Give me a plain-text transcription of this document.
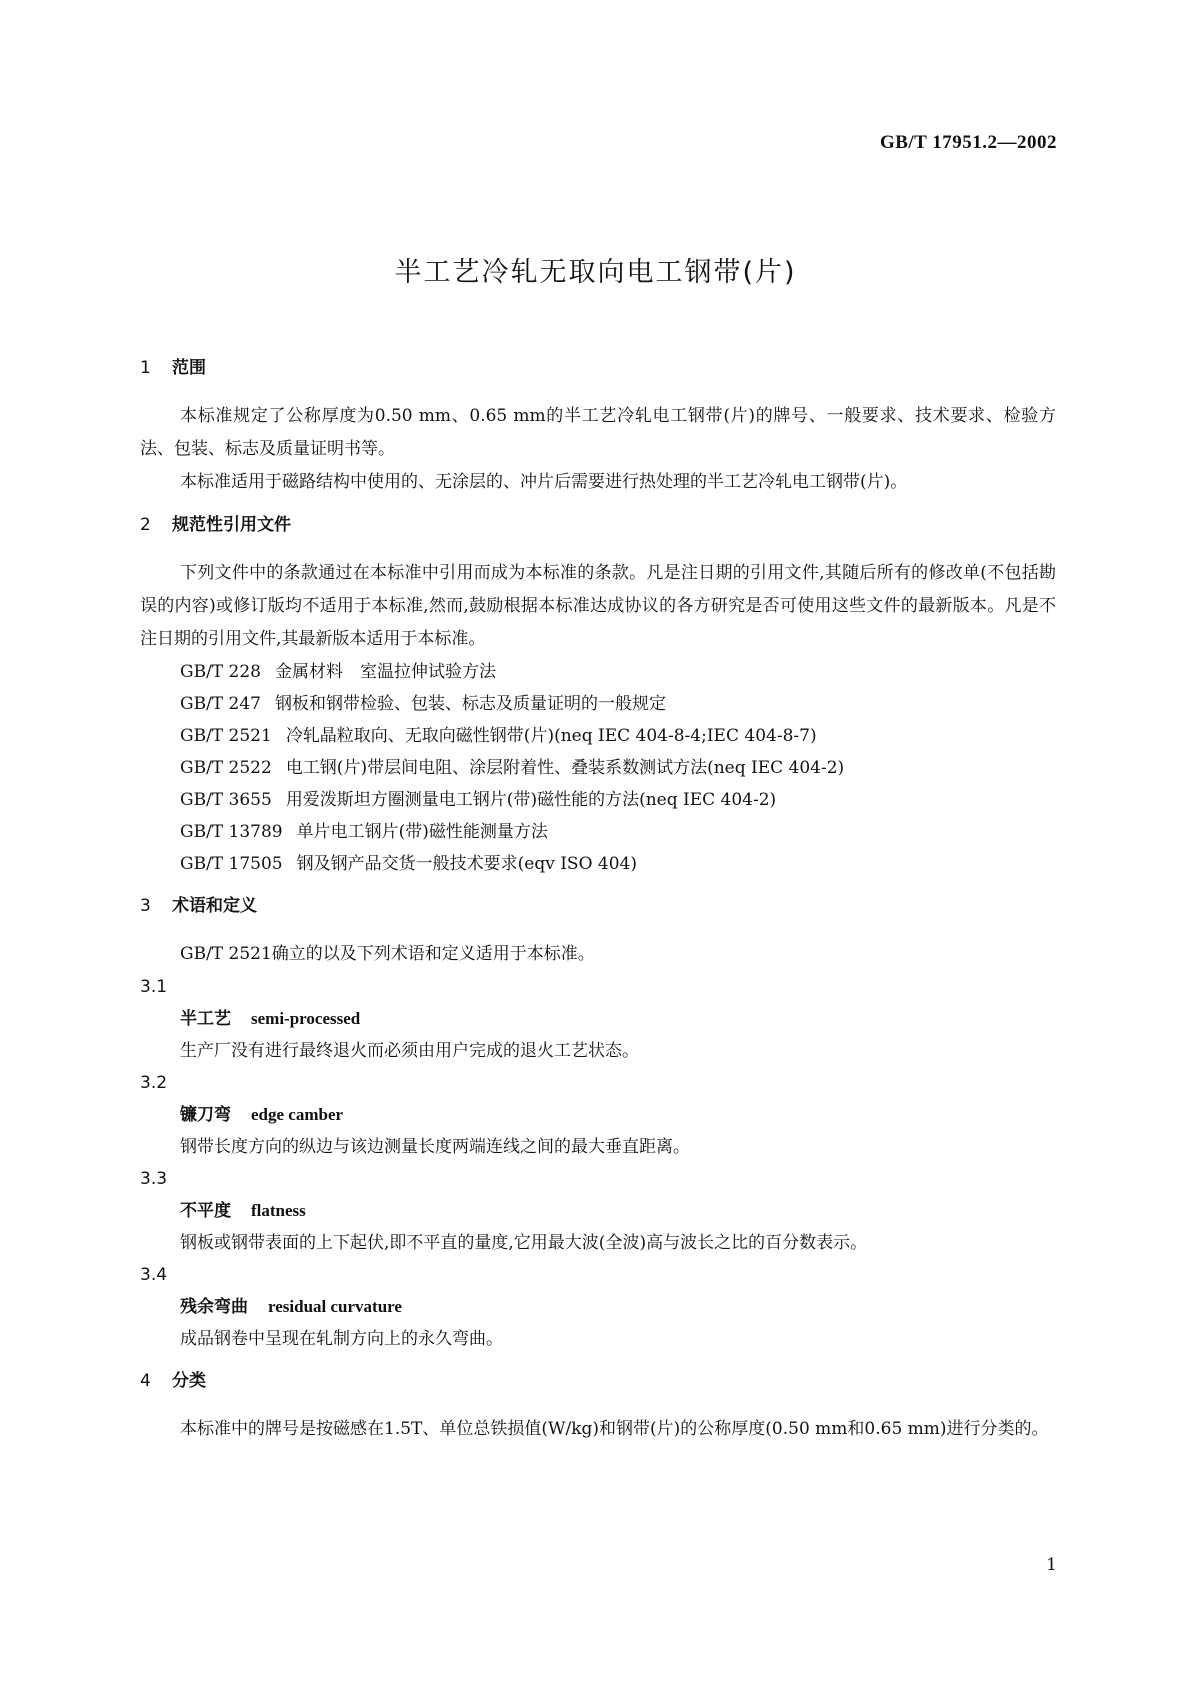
GB/T 17951.2—2002
半工艺冷轧无取向电工钢带(片)
1 范围

本标准规定了公称厚度为0.50 mm、0.65 mm的半工艺冷轧电工钢带(片)的牌号、一般要求、技术要求、检验方法、包装、标志及质量证明书等。

本标准适用于磁路结构中使用的、无涂层的、冲片后需要进行热处理的半工艺冷轧电工钢带(片)。

2 规范性引用文件

下列文件中的条款通过在本标准中引用而成为本标准的条款。凡是注日期的引用文件,其随后所有的修改单(不包括勘误的内容)或修订版均不适用于本标准,然而,鼓励根据本标准达成协议的各方研究是否可使用这些文件的最新版本。凡是不注日期的引用文件,其最新版本适用于本标准。

GB/T 228 金属材料　室温拉伸试验方法

GB/T 247 钢板和钢带检验、包装、标志及质量证明的一般规定

GB/T 2521 冷轧晶粒取向、无取向磁性钢带(片)(neq IEC 404-8-4;IEC 404-8-7)

GB/T 2522 电工钢(片)带层间电阻、涂层附着性、叠装系数测试方法(neq IEC 404-2)

GB/T 3655 用爱泼斯坦方圈测量电工钢片(带)磁性能的方法(neq IEC 404-2)

GB/T 13789 单片电工钢片(带)磁性能测量方法

GB/T 17505 钢及钢产品交货一般技术要求(eqv ISO 404)

3 术语和定义

GB/T 2521确立的以及下列术语和定义适用于本标准。

3.1

半工艺 semi-processed

生产厂没有进行最终退火而必须由用户完成的退火工艺状态。

3.2

镰刀弯 edge camber

钢带长度方向的纵边与该边测量长度两端连线之间的最大垂直距离。

3.3

不平度 flatness

钢板或钢带表面的上下起伏,即不平直的量度,它用最大波(全波)高与波长之比的百分数表示。

3.4

残余弯曲 residual curvature

成品钢卷中呈现在轧制方向上的永久弯曲。

4 分类

本标准中的牌号是按磁感在1.5T、单位总铁损值(W/kg)和钢带(片)的公称厚度(0.50 mm和0.65 mm)进行分类的。

1
